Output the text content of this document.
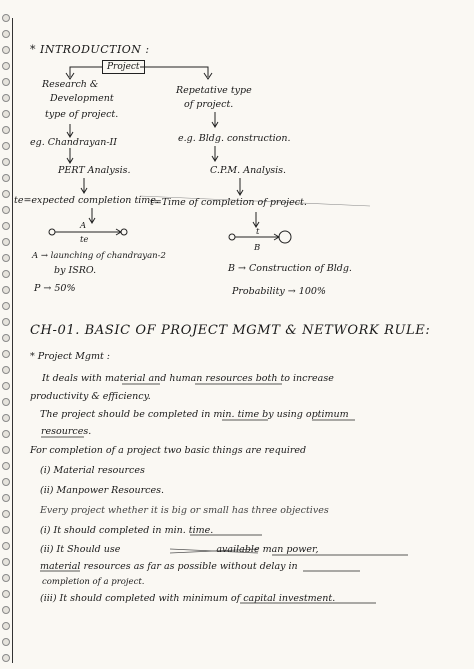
* INTRODUCTION :
Project
Research &
Development
type of project.
eg. Chandrayan-II
PERT Analysis.
te=expected completion time.
A
te
A → launching of chandrayan-2
by ISRO.
P → 50%
Repetative type
of project.
e.g. Bldg. construction.
C.P.M. Analysis.
t=Time of completion of project.
t
B
B → Construction of Bldg.
Probability → 100%
CH-01. BASIC OF PROJECT MGMT & NETWORK RULE:
* Project Mgmt :
It deals with material and human resources both to increase
productivity & efficiency.
The project should be completed in min. time by using optimum
resources.
For completion of a project two basic things are required
(i) Material resources
(ii) Manpower Resources.
Every project whether it is big or small has three objectives
(i) It should completed in min. time.
(ii) It Should use	available man power,
material resources as far as possible without delay in
completion of a project.
(iii) It should completed with minimum of capital investment.
